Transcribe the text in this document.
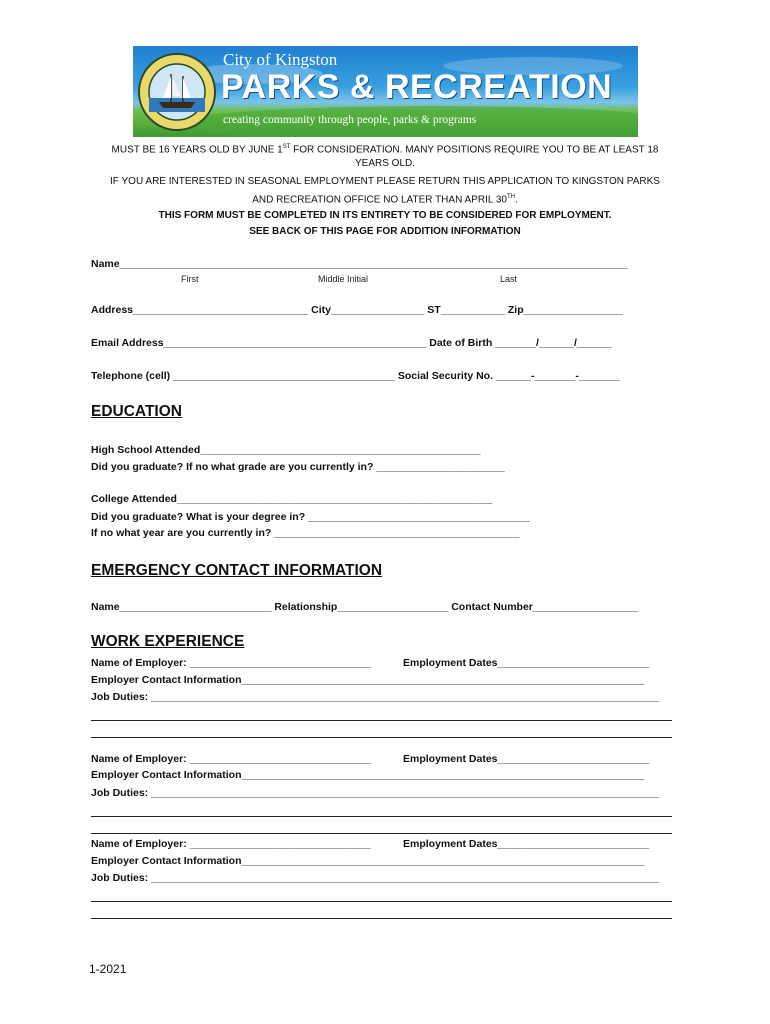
City of Kingston
PARKS & RECREATION
creating community through people, parks & programs
MUST BE 16 YEARS OLD BY JUNE 1ST FOR CONSIDERATION. MANY POSITIONS REQUIRE YOU TO BE AT LEAST 18
YEARS OLD.
IF YOU ARE INTERESTED IN SEASONAL EMPLOYMENT PLEASE RETURN THIS APPLICATION TO KINGSTON PARKS
AND RECREATION OFFICE NO LATER THAN APRIL 30TH.
THIS FORM MUST BE COMPLETED IN ITS ENTIRETY TO BE CONSIDERED FOR EMPLOYMENT.
SEE BACK OF THIS PAGE FOR ADDITION INFORMATION
Name_______________________________________________________________________________________
First	Middle Initial	Last
Address______________________________ City________________ ST___________ Zip_________________
Email Address_____________________________________________ Date of Birth _______/______/______
Telephone (cell) ______________________________________ Social Security No. ______-_______-_______
EDUCATION
High School Attended________________________________________________
Did you graduate? If no what grade are you currently in? ______________________
College Attended______________________________________________________
Did you graduate? What is your degree in? ______________________________________
If no what year are you currently in? __________________________________________
EMERGENCY CONTACT INFORMATION
Name__________________________ Relationship___________________ Contact Number__________________
WORK EXPERIENCE
Name of Employer: _______________________________	Employment Dates__________________________
Employer Contact Information_____________________________________________________________________
Job Duties: _______________________________________________________________________________________
Name of Employer: _______________________________	Employment Dates__________________________
Employer Contact Information_____________________________________________________________________
Job Duties: _______________________________________________________________________________________
Name of Employer: _______________________________	Employment Dates__________________________
Employer Contact Information_____________________________________________________________________
Job Duties: _______________________________________________________________________________________
1-2021
